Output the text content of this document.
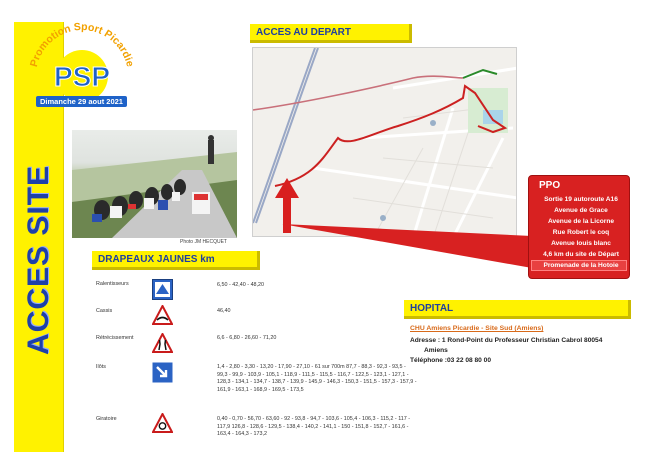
ACCES SITE
Promotion Sport Picardie
PSP
Dimanche 29 aout 2021
ACCES AU DEPART
Photo JM HECQUET
PPO
Sortie 19 autoroute A16
Avenue de Grace
Avenue de la Licorne
Rue Robert le coq
Avenue louis blanc
4,6 km du site de Départ
Promenade de la Hotoie
DRAPEAUX JAUNES km
Ralentisseurs	6,50 - 42,40 - 48,20
Cassis	46,40
Rétrécissement	6,6 - 6,80 - 26,60 - 71,20
Ilôts	1,4 - 2,80 - 3,30 - 13,20 - 17,90 - 27,10 - 61 sur 700m 87,7 - 88,3 - 92,3 - 93,5 - 99,3 - 99,9 - 103,9 - 105,1 - 118,9 - 111,5 - 115,5 - 116,7 - 122,5 - 123,1 - 127,1 - 128,3 - 134,1 - 134,7 - 138,7 - 139,9 - 145,9 - 146,3 - 150,3 - 151,5 - 157,3 - 157,9 - 161,9 - 163,1 - 168,9 - 169,5 - 173,5
Giratoire	0,40 - 0,70 - 56,70 - 63,60 - 92 - 93,8 - 94,7 - 103,6 - 105,4 - 106,3 - 115,2 - 117 - 117,9 126,8 - 128,6 - 129,5 - 138,4 - 140,2 - 141,1 - 150 - 151,8 - 152,7 - 161,6 - 163,4 - 164,3 - 173,2
HOPITAL
CHU Amiens Picardie - Site Sud (Amiens)
Adresse : 1 Rond-Point du Professeur Christian Cabrol 80054
Amiens
Téléphone :03 22 08 80 00
